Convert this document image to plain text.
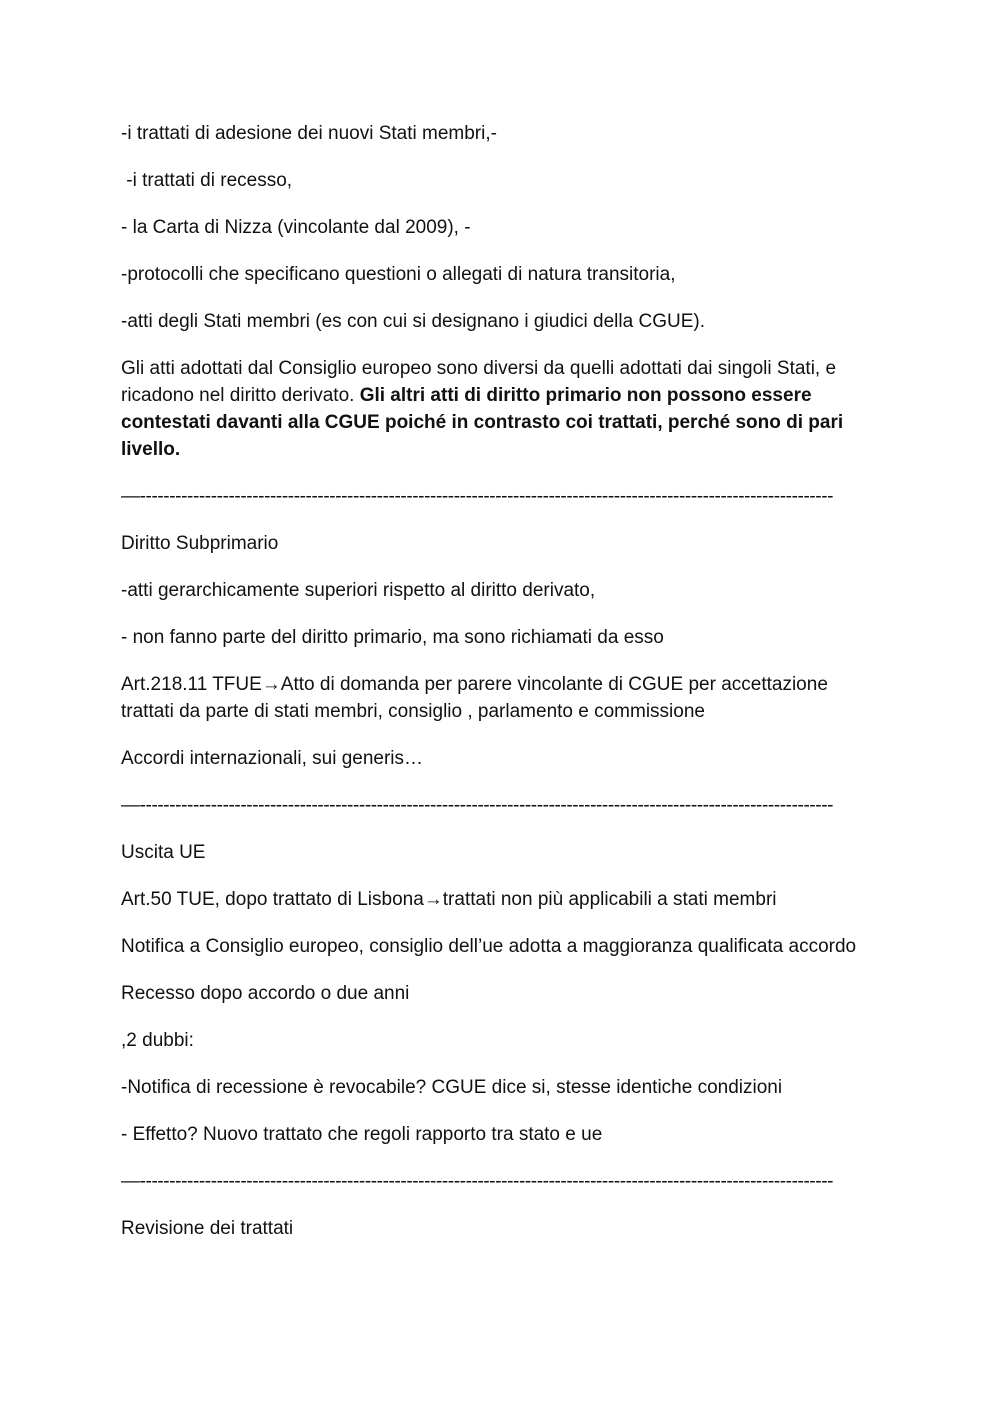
-i trattati di adesione dei nuovi Stati membri,-

-i trattati di recesso,

- la Carta di Nizza (vincolante dal 2009), -

-protocolli che specificano questioni o allegati di natura transitoria,

-atti degli Stati membri (es con cui si designano i giudici della CGUE).

Gli atti adottati dal Consiglio europeo sono diversi da quelli adottati dai singoli Stati, e ricadono nel diritto derivato. Gli altri atti di diritto primario non possono essere contestati davanti alla CGUE poiché in contrasto coi trattati, perché sono di pari livello.

—---------------------------------------------------------------------------------------------------------------------

Diritto Subprimario

-atti gerarchicamente superiori rispetto al diritto derivato,

- non fanno parte del diritto primario, ma sono richiamati da esso

Art.218.11 TFUE→Atto di domanda per parere vincolante di CGUE per accettazione trattati da parte di stati membri, consiglio , parlamento e commissione

Accordi internazionali, sui generis…

—---------------------------------------------------------------------------------------------------------------------

Uscita UE

Art.50 TUE, dopo trattato di Lisbona→trattati non più applicabili a stati membri

Notifica a Consiglio europeo, consiglio dell’ue adotta a maggioranza qualificata accordo

Recesso dopo accordo o due anni

,2 dubbi:

-Notifica di recessione è revocabile? CGUE dice si, stesse identiche condizioni

- Effetto? Nuovo trattato che regoli rapporto tra stato e ue

—---------------------------------------------------------------------------------------------------------------------

Revisione dei trattati
